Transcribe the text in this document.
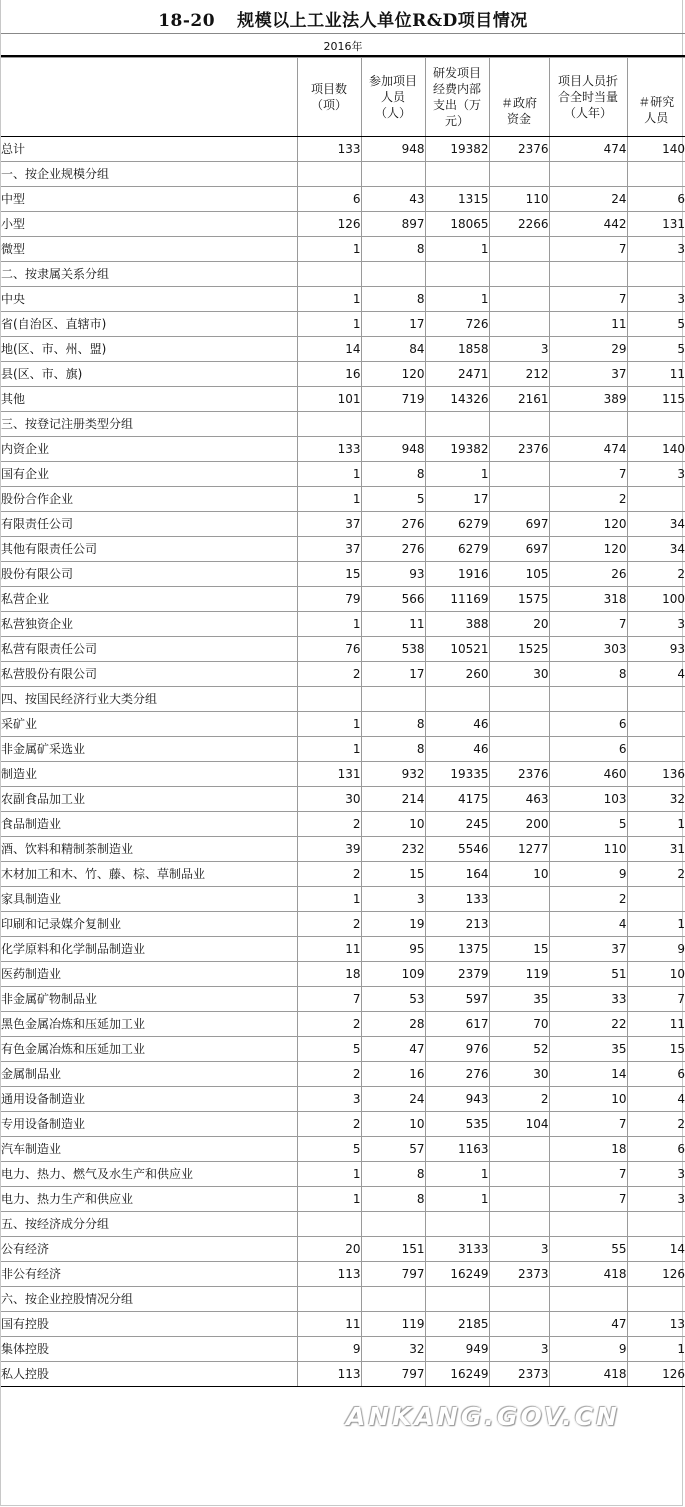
18-20 规模以上工业法人单位R&D项目情况
2016年
	项目数（项）	参加项目人员（人）	研发项目经费内部支出（万元）	＃政府资金	项目人员折合全时当量（人年）	＃研究人员
总计	133	948	19382	2376	474	140
一、按企业规模分组						
中型	6	43	1315	110	24	6
小型	126	897	18065	2266	442	131
微型	1	8	1		7	3
二、按隶属关系分组						
中央	1	8	1		7	3
省(自治区、直辖市)	1	17	726		11	5
地(区、市、州、盟)	14	84	1858	3	29	5
县(区、市、旗)	16	120	2471	212	37	11
其他	101	719	14326	2161	389	115
三、按登记注册类型分组						
内资企业	133	948	19382	2376	474	140
国有企业	1	8	1		7	3
股份合作企业	1	5	17		2	
有限责任公司	37	276	6279	697	120	34
其他有限责任公司	37	276	6279	697	120	34
股份有限公司	15	93	1916	105	26	2
私营企业	79	566	11169	1575	318	100
私营独资企业	1	11	388	20	7	3
私营有限责任公司	76	538	10521	1525	303	93
私营股份有限公司	2	17	260	30	8	4
四、按国民经济行业大类分组						
采矿业	1	8	46		6	
非金属矿采选业	1	8	46		6	
制造业	131	932	19335	2376	460	136
农副食品加工业	30	214	4175	463	103	32
食品制造业	2	10	245	200	5	1
酒、饮料和精制茶制造业	39	232	5546	1277	110	31
木材加工和木、竹、藤、棕、草制品业	2	15	164	10	9	2
家具制造业	1	3	133		2	
印刷和记录媒介复制业	2	19	213		4	1
化学原料和化学制品制造业	11	95	1375	15	37	9
医药制造业	18	109	2379	119	51	10
非金属矿物制品业	7	53	597	35	33	7
黑色金属冶炼和压延加工业	2	28	617	70	22	11
有色金属冶炼和压延加工业	5	47	976	52	35	15
金属制品业	2	16	276	30	14	6
通用设备制造业	3	24	943	2	10	4
专用设备制造业	2	10	535	104	7	2
汽车制造业	5	57	1163		18	6
电力、热力、燃气及水生产和供应业	1	8	1		7	3
电力、热力生产和供应业	1	8	1		7	3
五、按经济成分分组						
公有经济	20	151	3133	3	55	14
非公有经济	113	797	16249	2373	418	126
六、按企业控股情况分组						
国有控股	11	119	2185		47	13
集体控股	9	32	949	3	9	1
私人控股	113	797	16249	2373	418	126
ANKANG.GOV.CN
